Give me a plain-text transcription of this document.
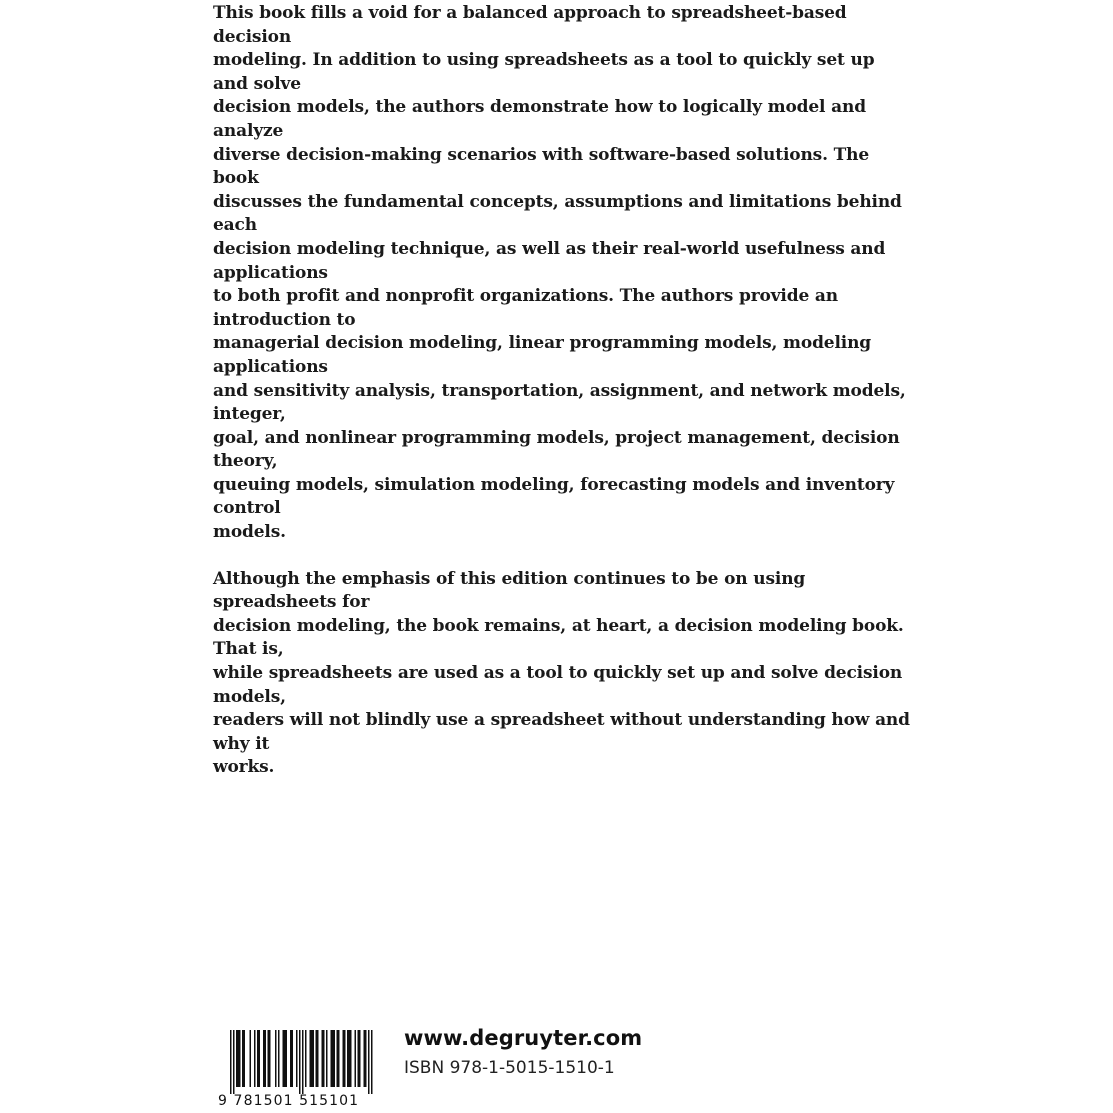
This book fills a void for a balanced approach to spreadsheet-based decision
modeling. In addition to using spreadsheets as a tool to quickly set up and solve
decision models, the authors demonstrate how to logically model and analyze
diverse decision-making scenarios with software-based solutions. The book
discusses the fundamental concepts, assumptions and limitations behind each
decision modeling technique, as well as their real-world usefulness and applications
to both profit and nonprofit organizations. The authors provide an introduction to
managerial decision modeling, linear programming models, modeling applications
and sensitivity analysis, transportation, assignment, and network models, integer,
goal, and nonlinear programming models, project management, decision theory,
queuing models, simulation modeling, forecasting models and inventory control
models.

Although the emphasis of this edition continues to be on using spreadsheets for
decision modeling, the book remains, at heart, a decision modeling book. That is,
while spreadsheets are used as a tool to quickly set up and solve decision models,
readers will not blindly use a spreadsheet without understanding how and why it
works.

9 781501 515101
www.degruyter.com
ISBN 978-1-5015-1510-1
